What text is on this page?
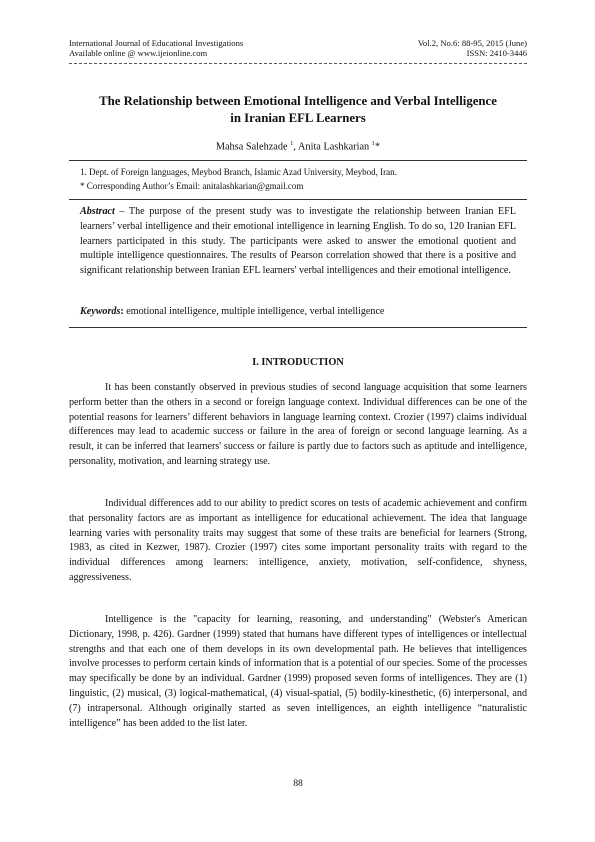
International Journal of Educational Investigations	Vol.2, No.6: 88-95, 2015 (June)
Available online @ www.ijeionline.com	ISSN: 2410-3446
The Relationship between Emotional Intelligence and Verbal Intelligence
in Iranian EFL Learners
Mahsa Salehzade $^1$, Anita Lashkarian $^1$*
1. Dept. of Foreign languages, Meybod Branch, Islamic Azad University, Meybod, Iran.
* Corresponding Author’s Email: anitalashkarian@gmail.com
Abstract – The purpose of the present study was to investigate the relationship between Iranian EFL learners’ verbal intelligence and their emotional intelligence in learning English. To do so, 120 Iranian EFL learners participated in this study. The participants were asked to answer the emotional quotient and multiple intelligence questionnaires. The results of Pearson correlation showed that there is a positive and significant relationship between Iranian EFL learners' verbal intelligences and their emotional intelligence.
Keywords: emotional intelligence, multiple intelligence, verbal intelligence
I. INTRODUCTION

It has been constantly observed in previous studies of second language acquisition that some learners perform better than the others in a second or foreign language context. Individual differences can be one of the potential reasons for learners’ different behaviors in language learning context. Crozier (1997) claims individual differences may lead to academic success or failure in the area of foreign or second language learning. As a result, it can be inferred that learners' success or failure is partly due to factors such as aptitude and intelligence, personality, motivation, and learning strategy use.

Individual differences add to our ability to predict scores on tests of academic achievement and confirm that personality factors are as important as intelligence for educational achievement. The idea that language learning varies with personality traits may suggest that some of these traits are beneficial for learners (Strong, 1983, as cited in Kezwer, 1987). Crozier (1997) cites some important personality traits with regard to the individual differences among learners: intelligence, anxiety, motivation, self-confidence, shyness, aggressiveness.

Intelligence is the "capacity for learning, reasoning, and understanding" (Webster's American Dictionary, 1998, p. 426). Gardner (1999) stated that humans have different types of intelligences or intellectual strengths and that each one of them develops in its own developmental path. He believes that intelligences involve processes to perform certain kinds of information that is a potential of our species. Some of the processes may specifically be done by an individual. Gardner (1999) proposed seven forms of intelligences. They are (1) linguistic, (2) musical, (3) logical-mathematical, (4) visual-spatial, (5) bodily-kinesthetic, (6) interpersonal, and (7) intrapersonal. Although originally started as seven intelligences, an eighth intelligence “naturalistic intelligence” has been added to the list later.

88
